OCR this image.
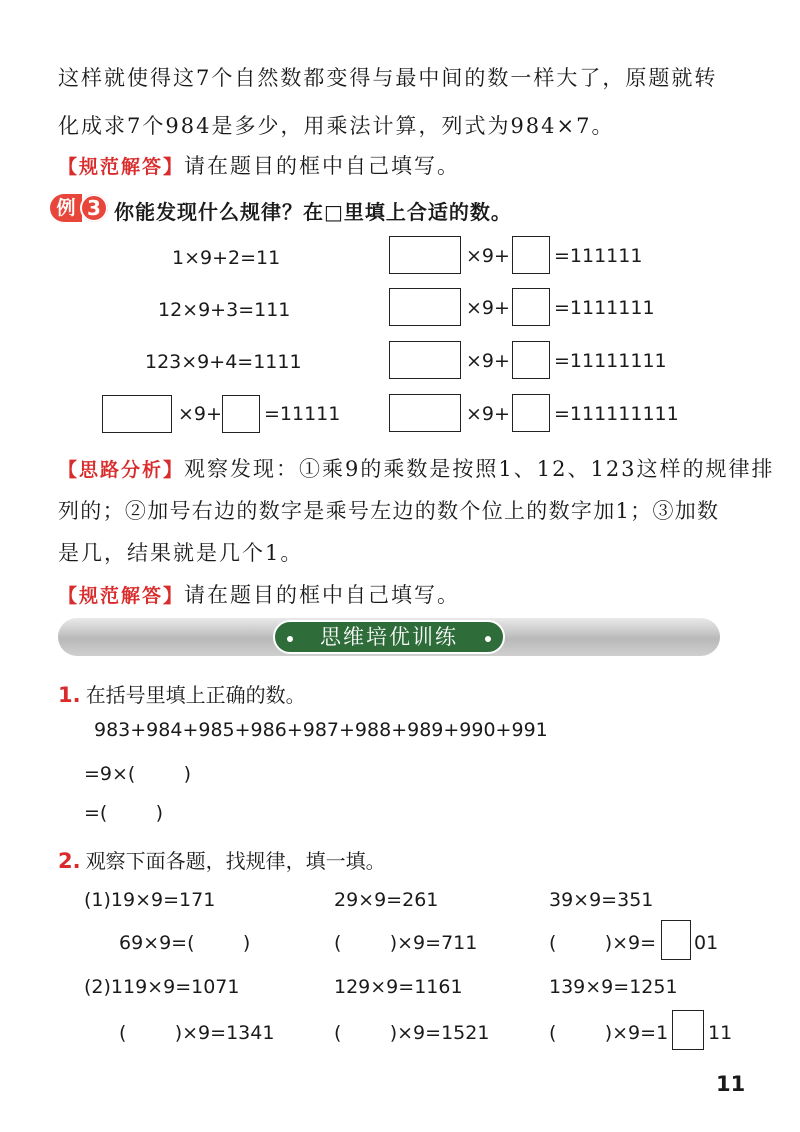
这样就使得这7个自然数都变得与最中间的数一样大了，原题就转
化成求7个984是多少，用乘法计算，列式为984×7。
【规范解答】请在题目的框中自己填写。
例 3 你能发现什么规律？在□里填上合适的数。
1×9+2=11
12×9+3=111
123×9+4=1111
×9+ =11111
×9+ =111111
×9+ =1111111
×9+ =11111111
×9+ =111111111
【思路分析】观察发现：①乘9的乘数是按照1、12、123这样的规律排
列的；②加号右边的数字是乘号左边的数个位上的数字加1；③加数
是几，结果就是几个1。
【规范解答】请在题目的框中自己填写。
思维培优训练
1. 在括号里填上正确的数。
983+984+985+986+987+988+989+990+991
=9×(        )
=(        )
2. 观察下面各题，找规律，填一填。
(1)19×9=171	29×9=261	39×9=351
69×9=(        )	(        )×9=711	(        )×9= 01
(2)119×9=1071	129×9=1161	139×9=1251
(        )×9=1341	(        )×9=1521	(        )×9=1 11
11
